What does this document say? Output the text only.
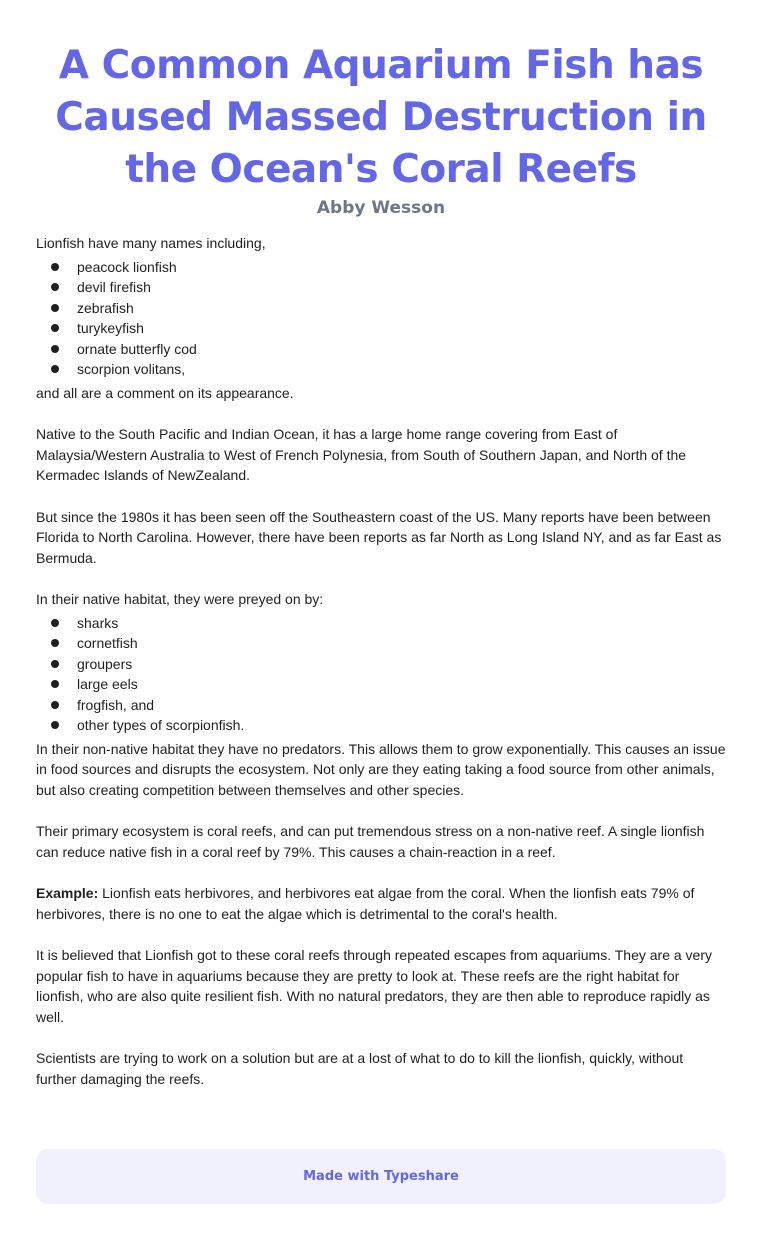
A Common Aquarium Fish has Caused Massed Destruction in the Ocean's Coral Reefs
Abby Wesson

Lionfish have many names including,

peacock lionfish
devil firefish
zebrafish
turykeyfish
ornate butterfly cod
scorpion volitans,

and all are a comment on its appearance.

Native to the South Pacific and Indian Ocean, it has a large home range covering from East of Malaysia/Western Australia to West of French Polynesia, from South of Southern Japan, and North of the Kermadec Islands of NewZealand.

But since the 1980s it has been seen off the Southeastern coast of the US. Many reports have been between Florida to North Carolina. However, there have been reports as far North as Long Island NY, and as far East as Bermuda.

In their native habitat, they were preyed on by:

sharks
cornetfish
groupers
large eels
frogfish, and
other types of scorpionfish.

In their non-native habitat they have no predators. This allows them to grow exponentially. This causes an issue in food sources and disrupts the ecosystem. Not only are they eating taking a food source from other animals, but also creating competition between themselves and other species.

Their primary ecosystem is coral reefs, and can put tremendous stress on a non-native reef. A single lionfish can reduce native fish in a coral reef by 79%. This causes a chain-reaction in a reef.

Example: Lionfish eats herbivores, and herbivores eat algae from the coral. When the lionfish eats 79% of herbivores, there is no one to eat the algae which is detrimental to the coral's health.

It is believed that Lionfish got to these coral reefs through repeated escapes from aquariums. They are a very popular fish to have in aquariums because they are pretty to look at. These reefs are the right habitat for lionfish, who are also quite resilient fish. With no natural predators, they are then able to reproduce rapidly as well.

Scientists are trying to work on a solution but are at a lost of what to do to kill the lionfish, quickly, without further damaging the reefs.

Made with Typeshare
